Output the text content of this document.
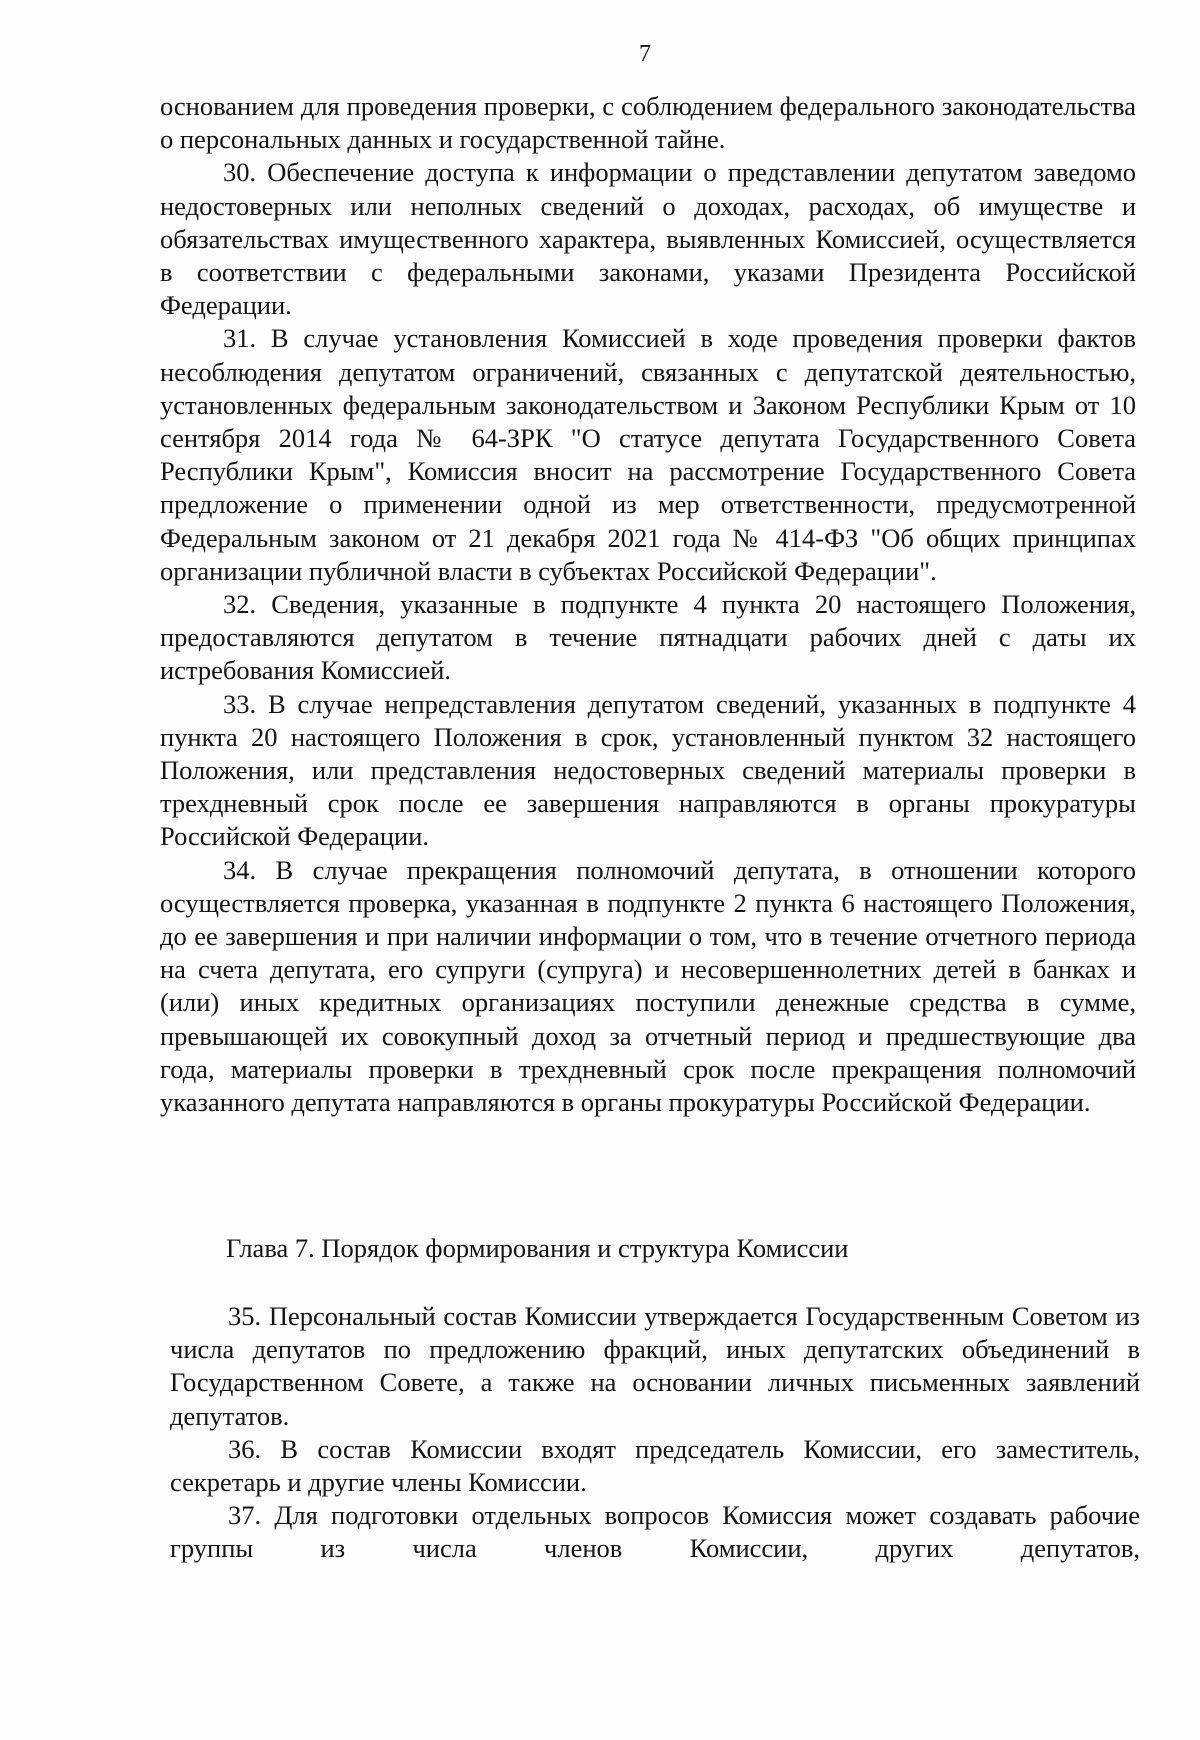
7

основанием для проведения проверки, с соблюдением федерального законодательства о персональных данных и государственной тайне.

30. Обеспечение доступа к информации о представлении депутатом заведомо недостоверных или неполных сведений о доходах, расходах, об имуществе и обязательствах имущественного характера, выявленных Комиссией, осуществляется в соответствии с федеральными законами, указами Президента Российской Федерации.

31. В случае установления Комиссией в ходе проведения проверки фактов несоблюдения депутатом ограничений, связанных с депутатской деятельностью, установленных федеральным законодательством и Законом Республики Крым от 10 сентября 2014 года № 64-ЗРК "О статусе депутата Государственного Совета Республики Крым", Комиссия вносит на рассмотрение Государственного Совета предложение о применении одной из мер ответственности, предусмотренной Федеральным законом от 21 декабря 2021 года № 414-ФЗ "Об общих принципах организации публичной власти в субъектах Российской Федерации".

32. Сведения, указанные в подпункте 4 пункта 20 настоящего Положения, предоставляются депутатом в течение пятнадцати рабочих дней с даты их истребования Комиссией.

33. В случае непредставления депутатом сведений, указанных в подпункте 4 пункта 20 настоящего Положения в срок, установленный пунктом 32 настоящего Положения, или представления недостоверных сведений материалы проверки в трехдневный срок после ее завершения направляются в органы прокуратуры Российской Федерации.

34. В случае прекращения полномочий депутата, в отношении которого осуществляется проверка, указанная в подпункте 2 пункта 6 настоящего Положения, до ее завершения и при наличии информации о том, что в течение отчетного периода на счета депутата, его супруги (супруга) и несовершеннолетних детей в банках и (или) иных кредитных организациях поступили денежные средства в сумме, превышающей их совокупный доход за отчетный период и предшествующие два года, материалы проверки в трехдневный срок после прекращения полномочий указанного депутата направляются в органы прокуратуры Российской Федерации.

Глава 7. Порядок формирования и структура Комиссии

35. Персональный состав Комиссии утверждается Государственным Советом из числа депутатов по предложению фракций, иных депутатских объединений в Государственном Совете, а также на основании личных письменных заявлений депутатов.

36. В состав Комиссии входят председатель Комиссии, его заместитель, секретарь и другие члены Комиссии.

37. Для подготовки отдельных вопросов Комиссия может создавать рабочие группы из числа членов Комиссии, других депутатов,
